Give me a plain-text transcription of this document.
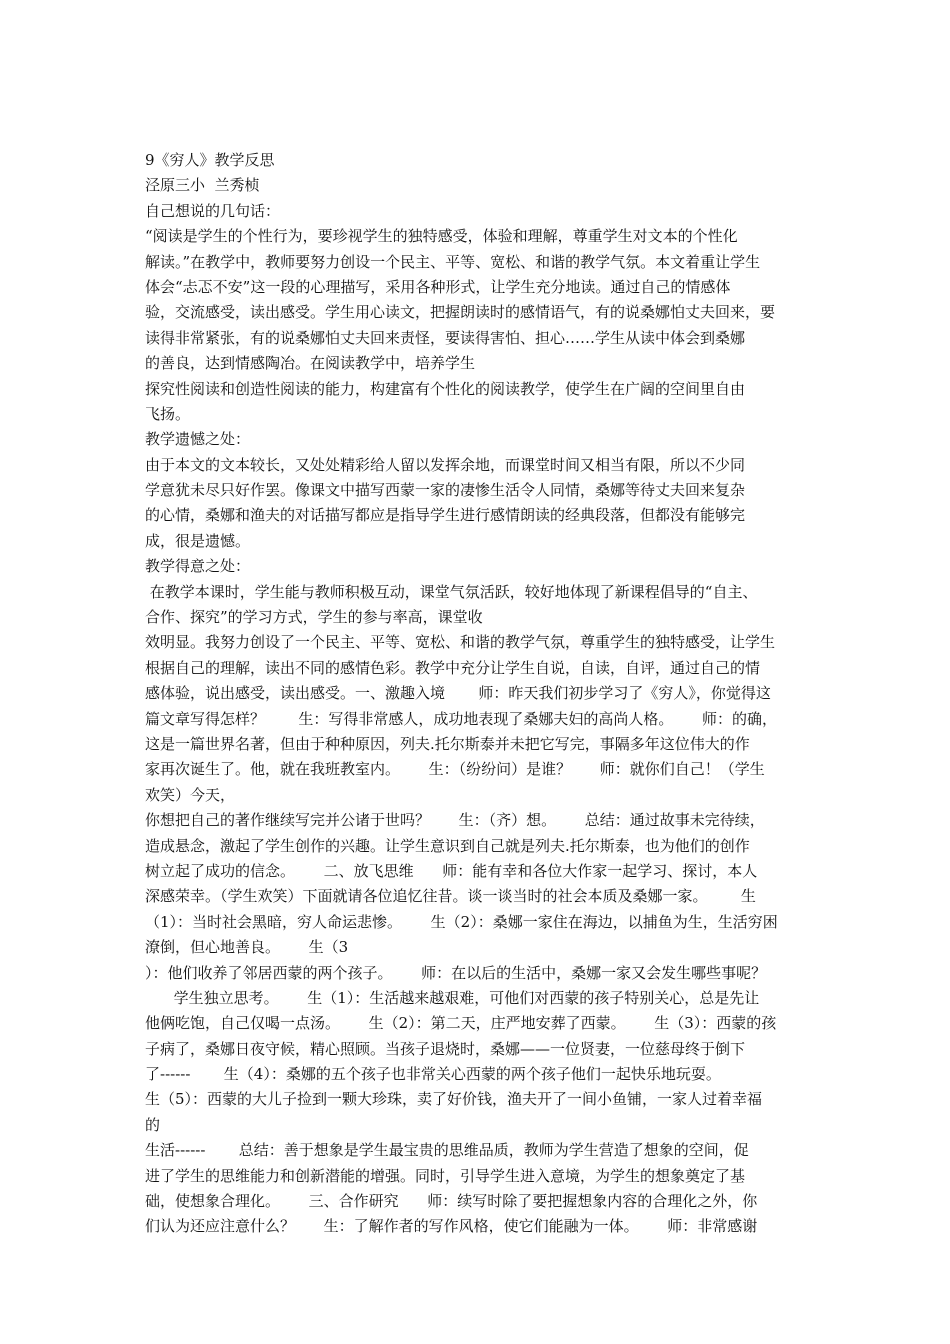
9《穷人》教学反思
泾原三小  兰秀桢
自己想说的几句话：
“阅读是学生的个性行为，要珍视学生的独特感受，体验和理解，尊重学生对文本的个性化
解读。”在教学中，教师要努力创设一个民主、平等、宽松、和谐的教学气氛。本文着重让学生
体会“忐忑不安”这一段的心理描写，采用各种形式，让学生充分地读。通过自己的情感体
验，交流感受，读出感受。学生用心读文，把握朗读时的感情语气，有的说桑娜怕丈夫回来，要
读得非常紧张，有的说桑娜怕丈夫回来责怪，要读得害怕、担心……学生从读中体会到桑娜
的善良，达到情感陶冶。在阅读教学中，培养学生
探究性阅读和创造性阅读的能力，构建富有个性化的阅读教学，使学生在广阔的空间里自由
飞扬。
教学遗憾之处：
由于本文的文本较长，又处处精彩给人留以发挥余地，而课堂时间又相当有限，所以不少同
学意犹未尽只好作罢。像课文中描写西蒙一家的凄惨生活令人同情，桑娜等待丈夫回来复杂
的心情，桑娜和渔夫的对话描写都应是指导学生进行感情朗读的经典段落，但都没有能够完
成，很是遗憾。
教学得意之处：
在教学本课时，学生能与教师积极互动，课堂气氛活跃，较好地体现了新课程倡导的“自主、
合作、探究”的学习方式，学生的参与率高，课堂收
效明显。我努力创设了一个民主、平等、宽松、和谐的教学气氛，尊重学生的独特感受，让学生
根据自己的理解，读出不同的感情色彩。教学中充分让学生自说，自读，自评，通过自己的情
感体验，说出感受，读出感受。一、激趣入境       师：昨天我们初步学习了《穷人》，你觉得这
篇文章写得怎样？       生：写得非常感人，成功地表现了桑娜夫妇的高尚人格。      师：的确，
这是一篇世界名著，但由于种种原因，列夫.托尔斯泰并未把它写完，事隔多年这位伟大的作
家再次诞生了。他，就在我班教室内。      生：（纷纷问）是谁？      师：就你们自己！（学生
欢笑）今天，
你想把自己的著作继续写完并公诸于世吗？      生：（齐）想。      总结：通过故事未完待续，
造成悬念，激起了学生创作的兴趣。让学生意识到自己就是列夫.托尔斯泰，也为他们的创作
树立起了成功的信念。      二、放飞思维      师：能有幸和各位大作家一起学习、探讨，本人
深感荣幸。（学生欢笑）下面就请各位追忆往昔。谈一谈当时的社会本质及桑娜一家。       生
（1）：当时社会黑暗，穷人命运悲惨。      生（2）：桑娜一家住在海边，以捕鱼为生，生活穷困
潦倒，但心地善良。      生（3
）：他们收养了邻居西蒙的两个孩子。      师：在以后的生活中，桑娜一家又会发生哪些事呢？
学生独立思考。      生（1）：生活越来越艰难，可他们对西蒙的孩子特别关心，总是先让
他俩吃饱，自己仅喝一点汤。      生（2）：第二天，庄严地安葬了西蒙。      生（3）：西蒙的孩
子病了，桑娜日夜守候，精心照顾。当孩子退烧时，桑娜——一位贤妻，一位慈母终于倒下
了------       生（4）：桑娜的五个孩子也非常关心西蒙的两个孩子他们一起快乐地玩耍。
生（5）：西蒙的大儿子捡到一颗大珍珠，卖了好价钱，渔夫开了一间小鱼铺，一家人过着幸福
的
生活------       总结：善于想象是学生最宝贵的思维品质，教师为学生营造了想象的空间，促
进了学生的思维能力和创新潜能的增强。同时，引导学生进入意境，为学生的想象奠定了基
础，使想象合理化。      三、合作研究      师：续写时除了要把握想象内容的合理化之外，你
们认为还应注意什么？      生：了解作者的写作风格，使它们能融为一体。      师：非常感谢
